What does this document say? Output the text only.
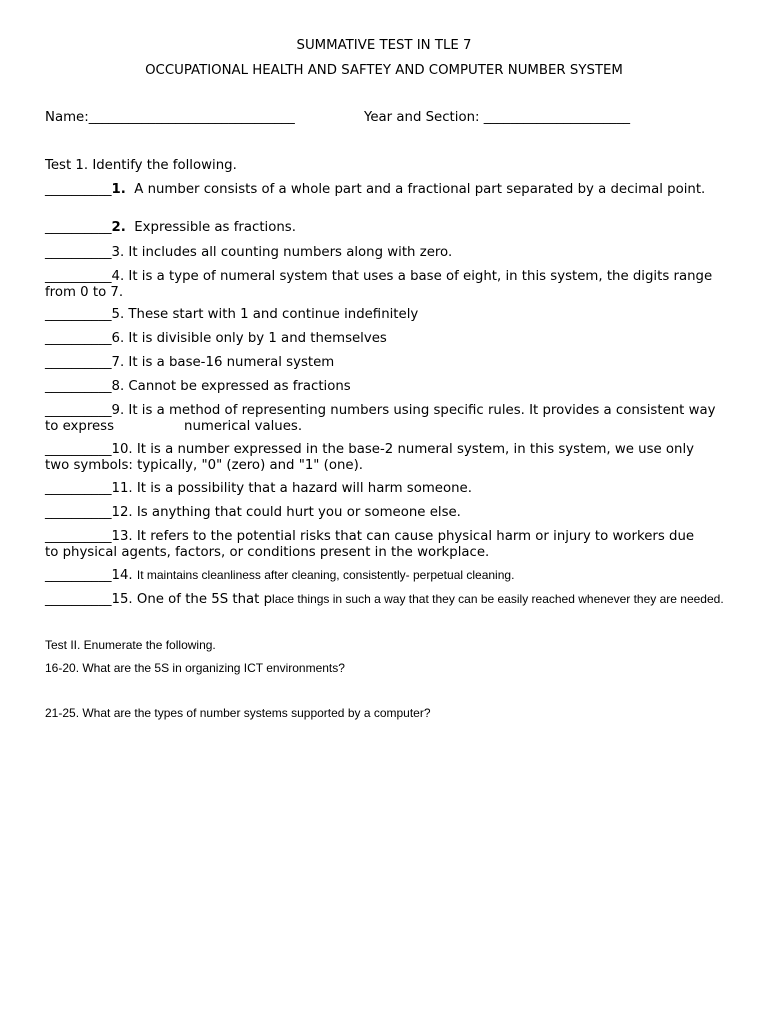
SUMMATIVE TEST IN TLE 7
OCCUPATIONAL HEALTH AND SAFTEY AND COMPUTER NUMBER SYSTEM
Name:_______________________________	Year and Section: ______________________
Test 1. Identify the following.
__________1.  A number consists of a whole part and a fractional part separated by a decimal point.
__________2.  Expressible as fractions.
__________3. It includes all counting numbers along with zero.
__________4. It is a type of numeral system that uses a base of eight, in this system, the digits range from 0 to 7.
__________5. These start with 1 and continue indefinitely
__________6. It is divisible only by 1 and themselves
__________7. It is a base-16 numeral system
__________8. Cannot be expressed as fractions
__________9. It is a method of representing numbers using specific rules. It provides a consistent way to express	numerical values.
__________10. It is a number expressed in the base-2 numeral system, in this system, we use only two symbols: typically, "0" (zero) and "1" (one).
__________11. It is a possibility that a hazard will harm someone.
__________12. Is anything that could hurt you or someone else.
__________13. It refers to the potential risks that can cause physical harm or injury to workers due to physical agents, factors, or conditions present in the workplace.
__________14. It maintains cleanliness after cleaning, consistently- perpetual cleaning.
__________15. One of the 5S that place things in such a way that they can be easily reached whenever they are needed.
Test II. Enumerate the following.
16-20. What are the 5S in organizing ICT environments?
21-25. What are the types of number systems supported by a computer?
